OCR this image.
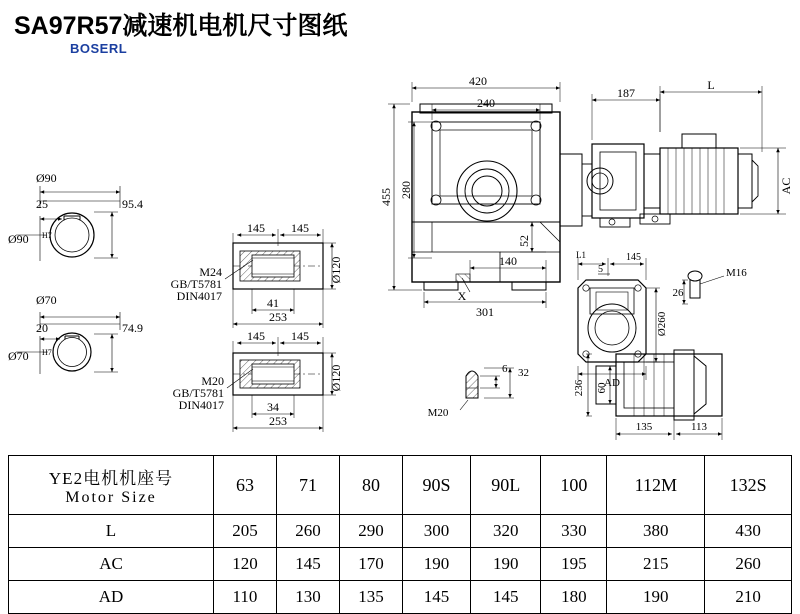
SA97R57减速机电机尺寸图纸
BOSERL
420
240
187
L
AC
455 280
52
140
301
X
145 145
Ø120
41
253
M24
GB/T5781
DIN4017
145 145
Ø120
34
253
M20
GB/T5781
DIN4017
Ø90
25	95.4
Ø90 H7
Ø70
20	74.9
Ø70 H7
L1	145
5
Ø260
AD
M16
26
32
6
M20
236 60
135	113
YE2电机机座号
Motor Size	63	71	80	90S	90L	100	112M	132S
L	205	260	290	300	320	330	380	430
AC	120	145	170	190	190	195	215	260
AD	110	130	135	145	145	180	190	210
